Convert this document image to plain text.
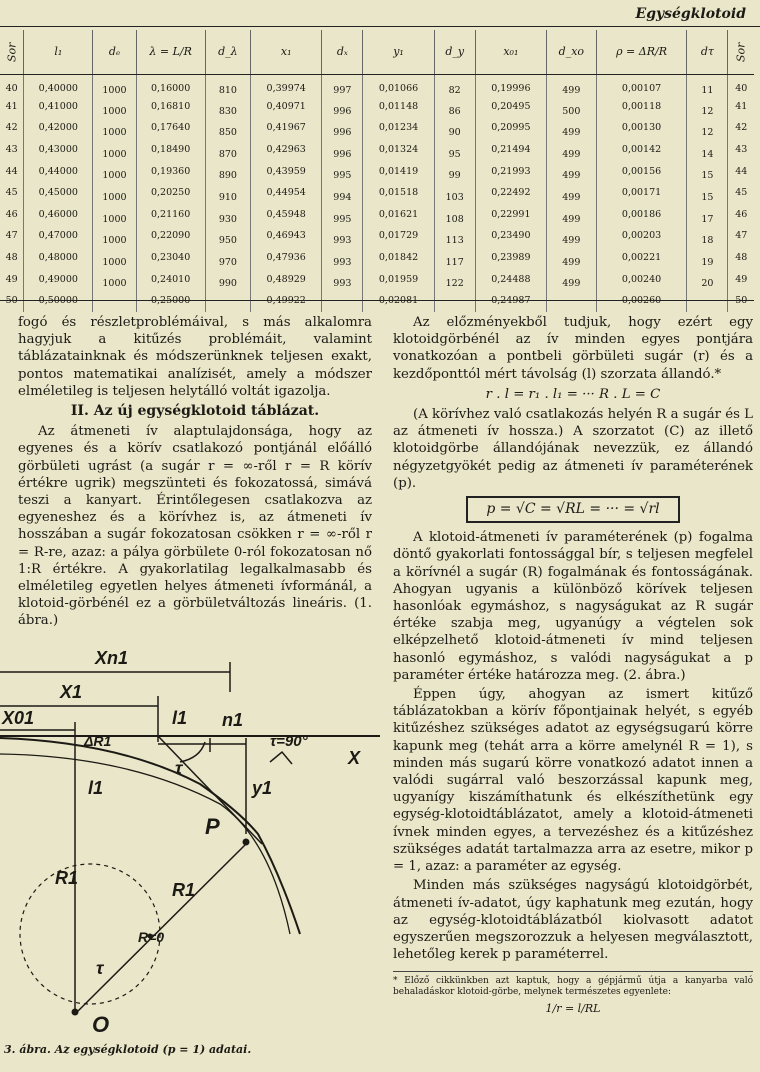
Egységklotoid
Sor	l₁	dₑ	λ = L/R	d_λ	x₁	dₓ	y₁	d_y	x₀₁	d_xo	ρ = ΔR/R	dτ	Sor
40	0,40000	1000	0,16000	810	0,39974	997	0,01066	82	0,19996	499	0,00107	11	40
41	0,41000	1000	0,16810	830	0,40971	996	0,01148	86	0,20495	500	0,00118	12	41
42	0,42000	1000	0,17640	850	0,41967	996	0,01234	90	0,20995	499	0,00130	12	42
43	0,43000	1000	0,18490	870	0,42963	996	0,01324	95	0,21494	499	0,00142	14	43
44	0,44000	1000	0,19360	890	0,43959	995	0,01419	99	0,21993	499	0,00156	15	44
45	0,45000	1000	0,20250	910	0,44954	994	0,01518	103	0,22492	499	0,00171	15	45
46	0,46000	1000	0,21160	930	0,45948	995	0,01621	108	0,22991	499	0,00186	17	46
47	0,47000	1000	0,22090	950	0,46943	993	0,01729	113	0,23490	499	0,00203	18	47
48	0,48000	1000	0,23040	970	0,47936	993	0,01842	117	0,23989	499	0,00221	19	48
49	0,49000	1000	0,24010	990	0,48929	993	0,01959	122	0,24488	499	0,00240	20	49
50	0,50000		0,25000		0,49922		0,02081		0,24987		0,00260		50

fogó és részletproblémáival, s más alkalomra hagyjuk a kitűzés problémáit, valamint táblázatainknak és módszerünknek teljesen exakt, pontos matematikai analízisét, amely a módszer elméletileg is teljesen helytálló voltát igazolja.

II. Az új egységklotoid táblázat.

Az átmeneti ív alaptulajdonsága, hogy az egyenes és a körív csatlakozó pontjánál előálló görbületi ugrást (a sugár r = ∞-ről r = R körív értékre ugrik) megszünteti és fokozatossá, simává teszi a kanyart. Érintőlegesen csatlakozva az egyeneshez és a körívhez is, az átmeneti ív hosszában a sugár fokozatosan csökken r = ∞-ről r = R-re, azaz: a pálya görbülete 0-ról fokozatosan nő 1:R értékre. A gyakorlatilag legalkalmasabb és elméletileg egyetlen helyes átmeneti ívformánál, a klotoid-görbénél ez a görbületváltozás lineáris. (1. ábra.)

Az előzményekből tudjuk, hogy ezért egy klotoidgörbénél az ív minden egyes pontjára vonatkozóan a pontbeli görbületi sugár (r) és a kezdőponttól mért távolság (l) szorzata állandó.*

r . l = r₁ . l₁ = ··· R . L = C

(A körívhez való csatlakozás helyén R a sugár és L az átmeneti ív hossza.) A szorzatot (C) az illető klotoidgörbe állandójának nevezzük, ez állandó négyzetgyökét pedig az átmeneti ív paraméterének (p).

p = √C = √RL = ··· = √rl

A klotoid-átmeneti ív paraméterének (p) fogalma döntő gyakorlati fontossággal bír, s teljesen megfelel a körívnél a sugár (R) fogalmának és fontosságának. Ahogyan ugyanis a különböző körívek teljesen hasonlóak egymáshoz, s nagyságukat az R sugár értéke szabja meg, ugyanúgy a végtelen sok elképzelhető klotoid-átmeneti ív mind teljesen hasonló egymáshoz, s valódi nagyságukat a p paraméter értéke határozza meg. (2. ábra.)

Éppen úgy, ahogyan az ismert kitűző táblázatokban a körív főpontjainak helyét, s egyéb kitűzéshez szükséges adatot az egységsugarú körre kapunk meg (tehát arra a körre amelynél R = 1), s minden más sugarú körre vonatkozó adatot innen a valódi sugárral való beszorzással kapunk meg, ugyanígy kiszámíthatunk és elkészíthetünk egy egység-klotoidtáblázatot, amely a klotoid-átmeneti ívnek minden egyes, a tervezéshez és a kitűzéshez szükséges adatát tartalmazza arra az esetre, mikor p = 1, azaz: a paraméter az egység.

Minden más szükséges nagyságú klotoidgörbét, átmeneti ív-adatot, úgy kaphatunk meg ezután, hogy az egység-klotoidtáblázatból kiolvasott adatot egyszerűen megszorozzuk a helyesen megválasztott, lehetőleg kerek p paraméterrel.

* Előző cikkünkben azt kaptuk, hogy a gépjármű útja a kanyarba való behaladáskor klotoid-görbe, melynek természetes egyenlete:
1/r = l/RL
Xn1
X1
X01	l1 n1
ΔR1
τ
τ=90°
X
y1
l1
R1
P
R1
τ
R=0
O
3. ábra. Az egységklotoid (p = 1) adatai.
